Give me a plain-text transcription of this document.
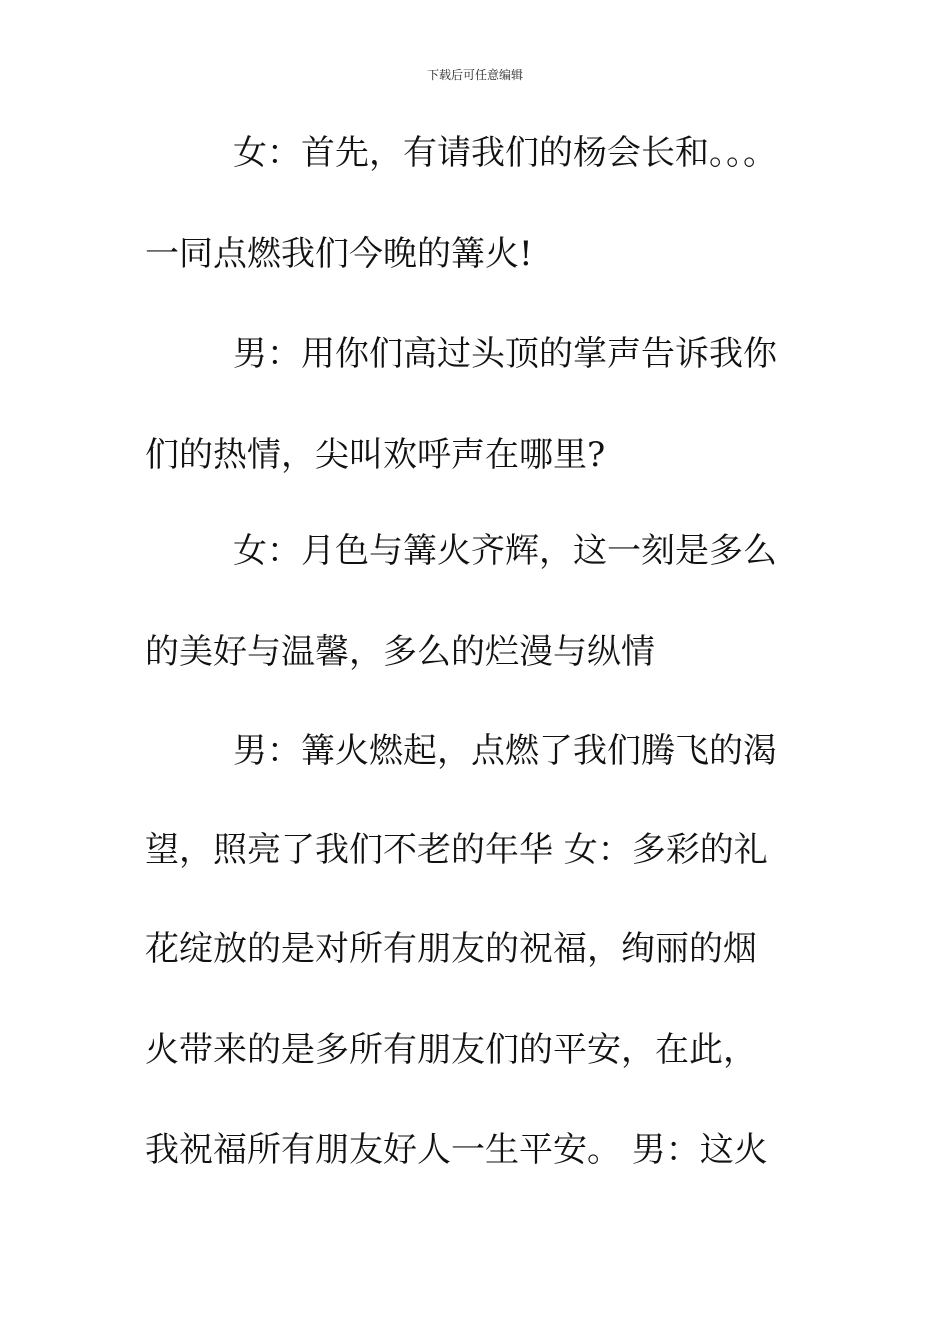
下载后可任意编辑
女：首先，有请我们的杨会长和。。。
一同点燃我们今晚的篝火!
男：用你们高过头顶的掌声告诉我你
们的热情，尖叫欢呼声在哪里?
女：月色与篝火齐辉，这一刻是多么
的美好与温馨，多么的烂漫与纵情
男：篝火燃起，点燃了我们腾飞的渴
望，照亮了我们不老的年华 女：多彩的礼
花绽放的是对所有朋友的祝福，绚丽的烟
火带来的是多所有朋友们的平安，在此，
我祝福所有朋友好人一生平安。 男：这火
